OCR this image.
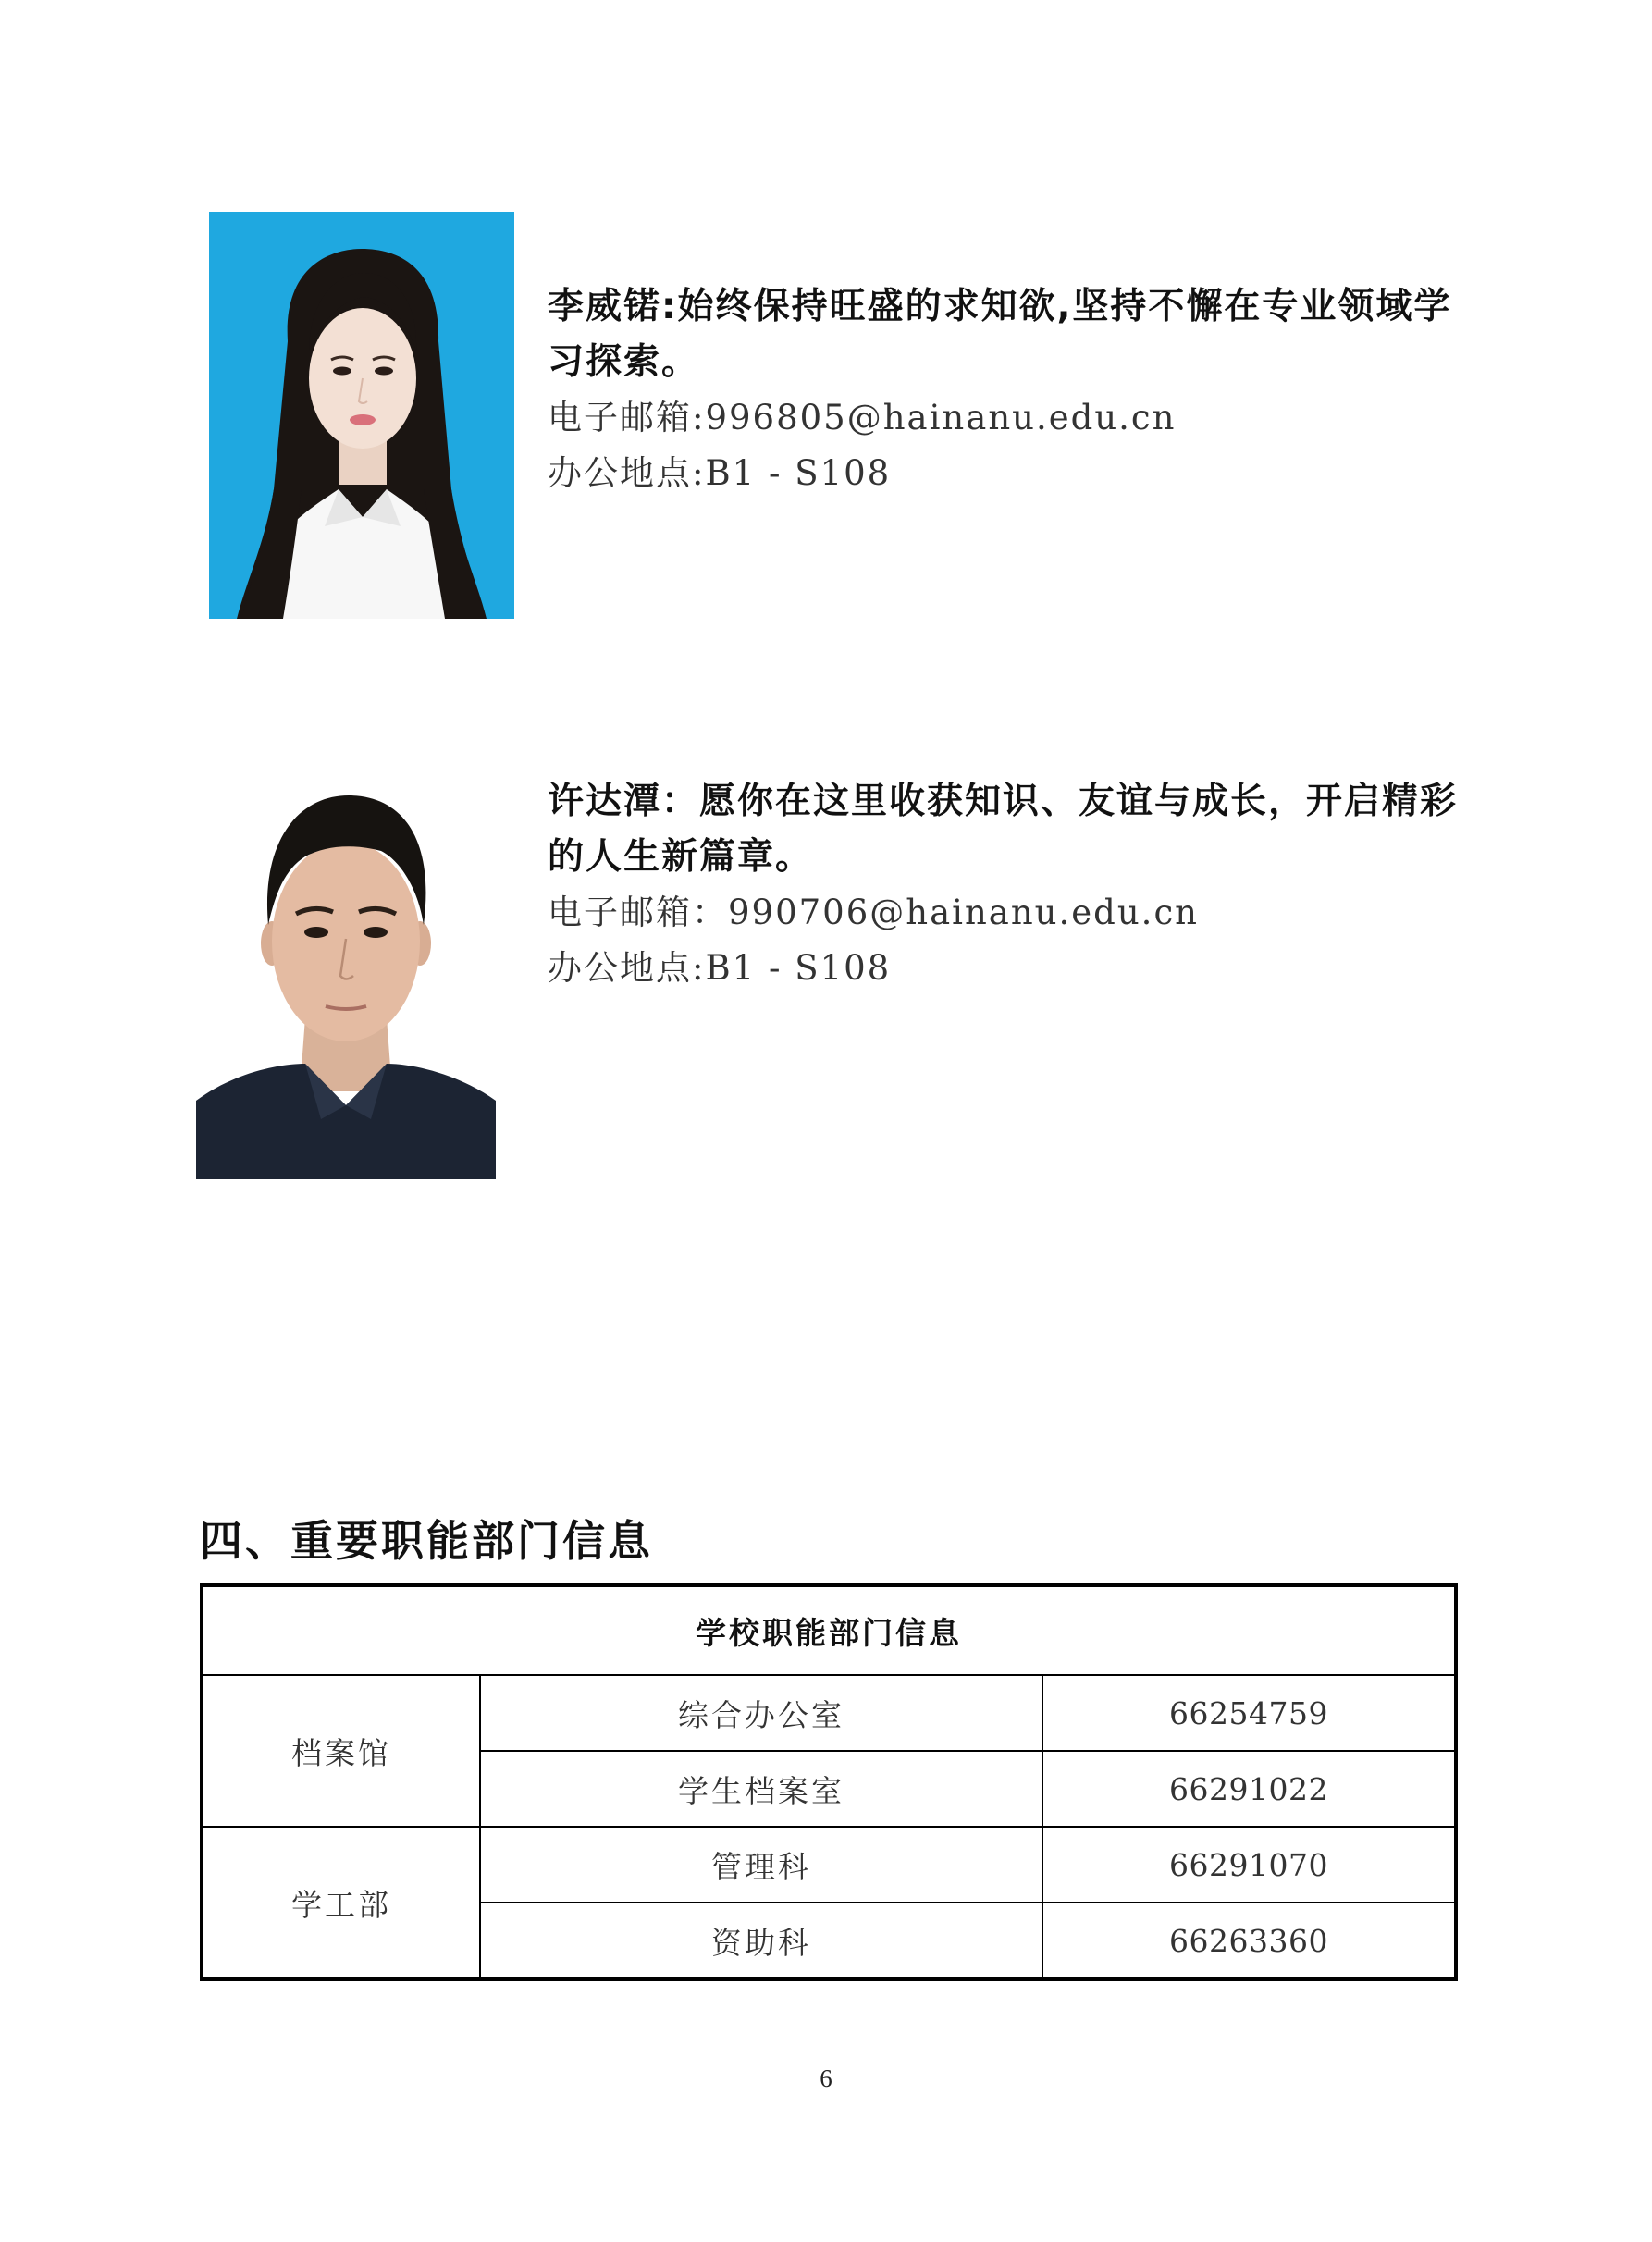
李威锘:始终保持旺盛的求知欲,坚持不懈在专业领域学习探索。

电子邮箱:996805@hainanu.edu.cn

办公地点:B1 - S108

许达潭：愿你在这里收获知识、友谊与成长，开启精彩的人生新篇章。

电子邮箱：990706@hainanu.edu.cn

办公地点:B1 - S108

四、重要职能部门信息
学校职能部门信息		
档案馆	综合办公室	66254759
	学生档案室	66291022
学工部	管理科	66291070
	资助科	66263360
6
